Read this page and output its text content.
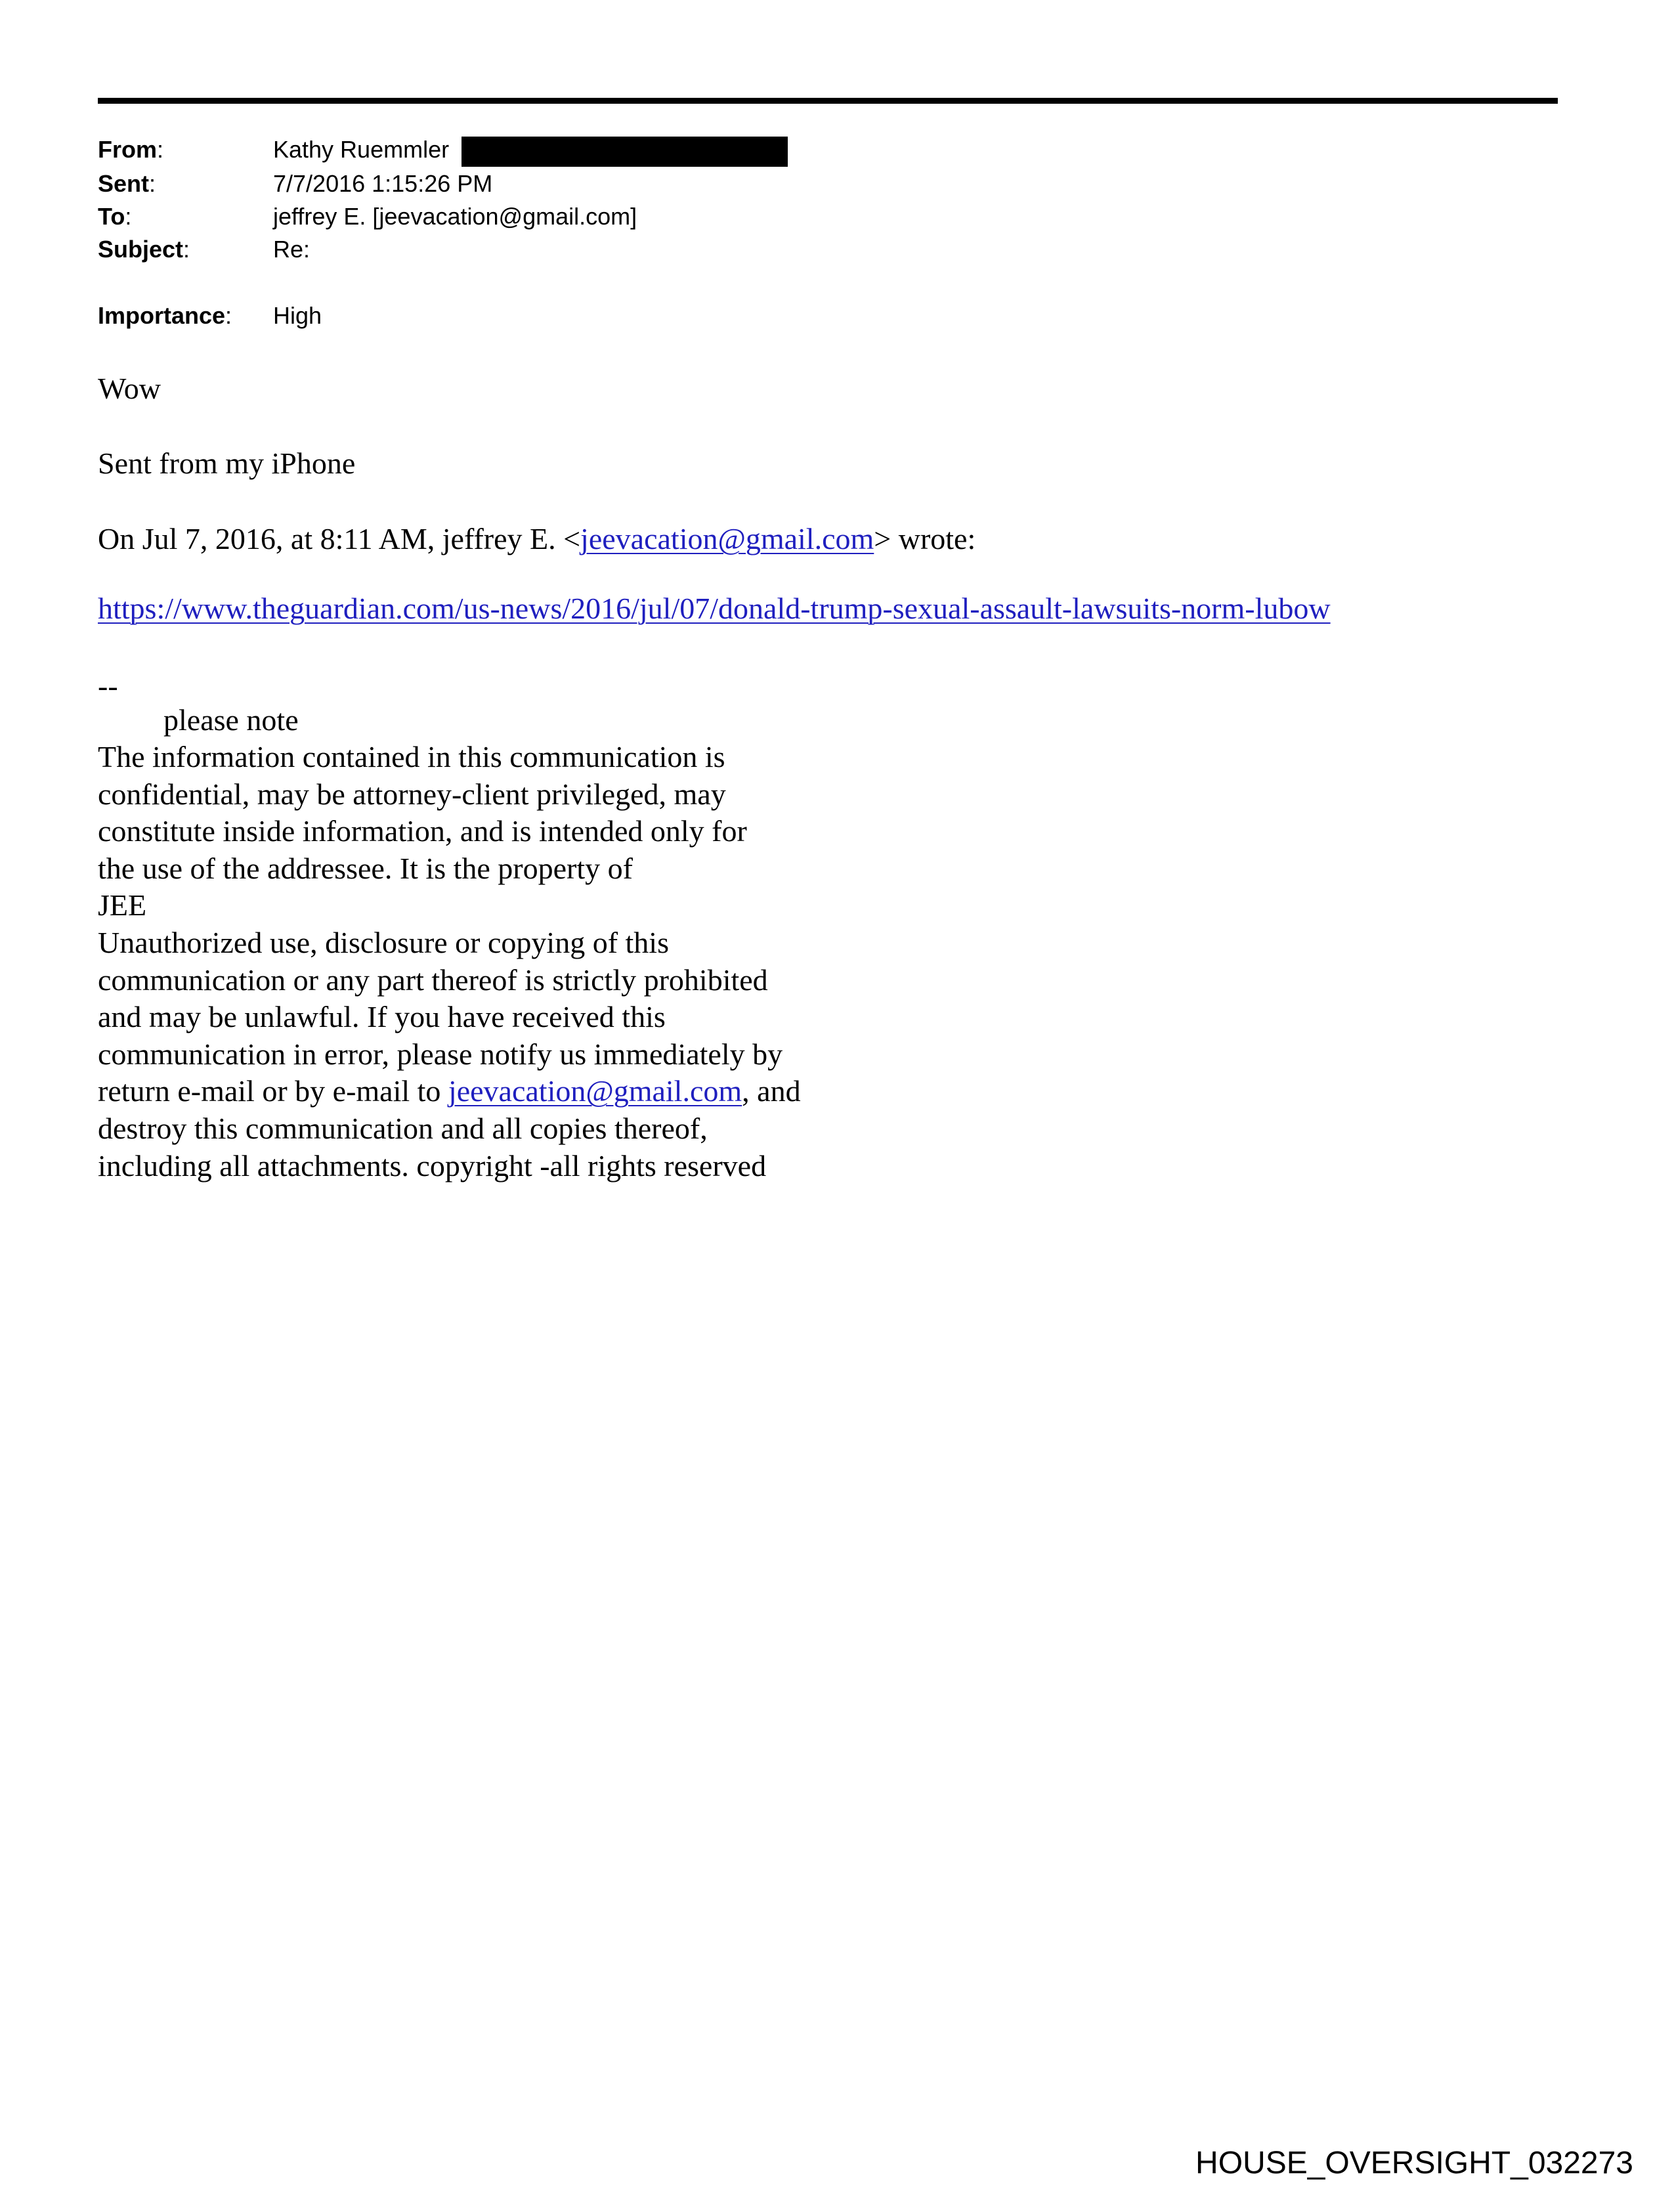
From:	Kathy Ruemmler
Sent:	7/7/2016 1:15:26 PM
To:	jeffrey E. [jeevacation@gmail.com]
Subject:	Re:
Importance: High
Wow
Sent from my iPhone
On Jul 7, 2016, at 8:11 AM, jeffrey E. <jeevacation@gmail.com> wrote:
https://www.theguardian.com/us-news/2016/jul/07/donald-trump-sexual-assault-lawsuits-norm-lubow
--
please note
The information contained in this communication is
confidential, may be attorney-client privileged, may
constitute inside information, and is intended only for
the use of the addressee. It is the property of
JEE
Unauthorized use, disclosure or copying of this
communication or any part thereof is strictly prohibited
and may be unlawful. If you have received this
communication in error, please notify us immediately by
return e-mail or by e-mail to jeevacation@gmail.com, and
destroy this communication and all copies thereof,
including all attachments. copyright -all rights reserved
HOUSE_OVERSIGHT_032273
